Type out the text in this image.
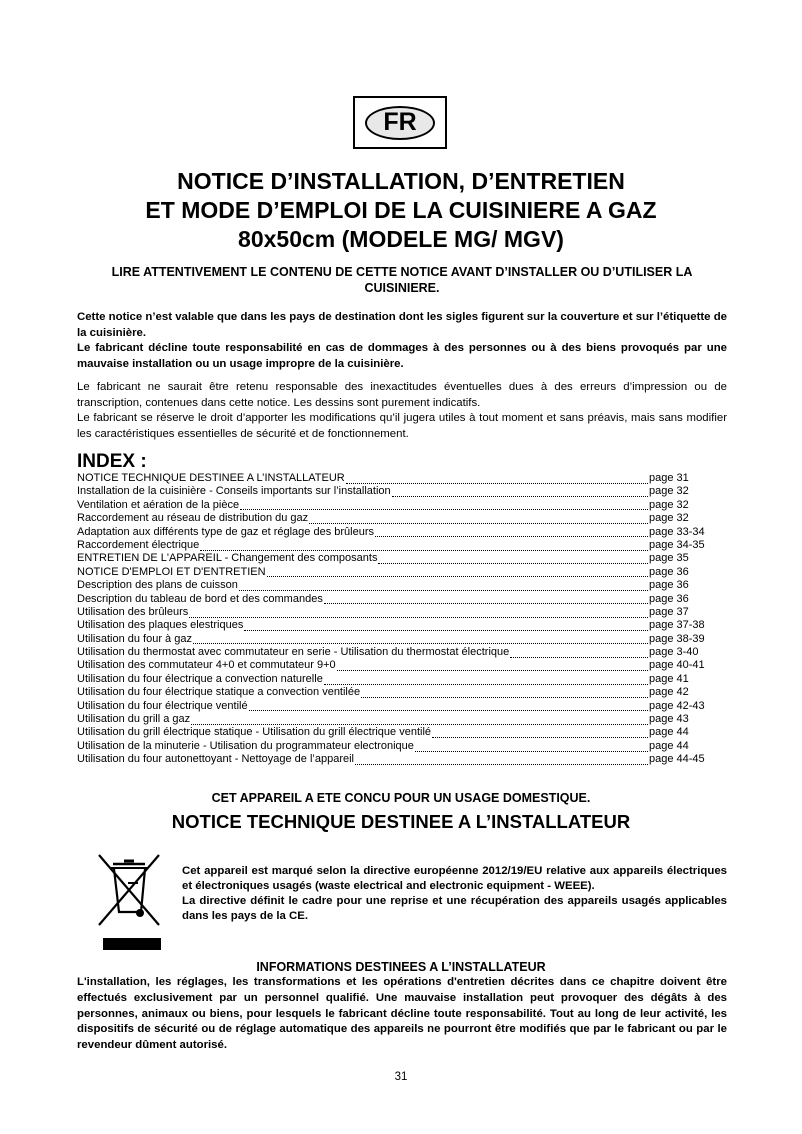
FR
NOTICE D’INSTALLATION, D’ENTRETIEN
ET MODE D’EMPLOI DE LA CUISINIERE A GAZ
80x50cm (MODELE MG/ MGV)
LIRE ATTENTIVEMENT LE CONTENU DE CETTE NOTICE AVANT D’INSTALLER OU D’UTILISER LA CUISINIERE.

Cette notice n’est valable que dans les pays de destination dont les sigles figurent sur la couverture et sur l’étiquette de la cuisinière.

Le fabricant décline toute responsabilité en cas de dommages à des personnes ou à des biens provoqués par une mauvaise installation ou un usage impropre de la cuisinière.

Le fabricant ne saurait être retenu responsable des inexactitudes éventuelles dues à des erreurs d’impression ou de transcription, contenues dans cette notice. Les dessins sont purement indicatifs.

Le fabricant se réserve le droit d’apporter les modifications qu’il jugera utiles à tout moment et sans préavis, mais sans modifier les caractéristiques essentielles de sécurité et de fonctionnement.

INDEX :
NOTICE TECHNIQUE DESTINEE A L’INSTALLATEUR	page 31
Installation de la cuisinière - Conseils importants sur l’installation	page 32
Ventilation et aération de la pièce	page 32
Raccordement au réseau de distribution du gaz	page 32
Adaptation aux différents type de gaz et réglage des brûleurs	page 33-34
Raccordement électrique	page 34-35
ENTRETIEN DE L'APPAREIL - Changement des composants	page 35
NOTICE D'EMPLOI ET D'ENTRETIEN	page 36
Description des plans de cuisson	page 36
Description du tableau de bord et des commandes	page 36
Utilisation des brûleurs	page 37
Utilisation des plaques elestriques	page 37-38
Utilisation du four à gaz	page 38-39
Utilisation du thermostat avec commutateur en serie - Utilisation du thermostat électrique	page 3-40
Utilisation des commutateur 4+0 et commutateur 9+0	page 40-41
Utilisation du four électrique a convection naturelle	page 41
Utilisation du four électrique statique a convection ventilée	page 42
Utilisation du four électrique ventilé	page 42-43
Utilisation du grill a gaz	page 43
Utilisation du grill électrique statique - Utilisation du grill électrique ventilé	page 44
Utilisation de la minuterie - Utilisation du programmateur electronique	page 44
Utilisation du four autonettoyant - Nettoyage de l’appareil	page 44-45
CET APPAREIL A ETE CONCU POUR UN USAGE DOMESTIQUE.
NOTICE TECHNIQUE DESTINEE A L’INSTALLATEUR

Cet appareil est marqué selon la directive européenne 2012/19/EU relative aux appareils électriques et électroniques usagés (waste electrical and electronic equipment - WEEE).

La directive définit le cadre pour une reprise et une récupération des appareils usagés applicables dans les pays de la CE.

INFORMATIONS DESTINEES A L’INSTALLATEUR
L'installation, les réglages, les transformations et les opérations d'entretien décrites dans ce chapitre doivent être effectués exclusivement par un personnel qualifié. Une mauvaise installation peut provoquer des dégâts à des personnes, animaux ou biens, pour lesquels le fabricant décline toute responsabilité. Tout au long de leur activité, les dispositifs de sécurité ou de réglage automatique des appareils ne pourront être modifiés que par le fabricant ou par le revendeur dûment autorisé.
31
